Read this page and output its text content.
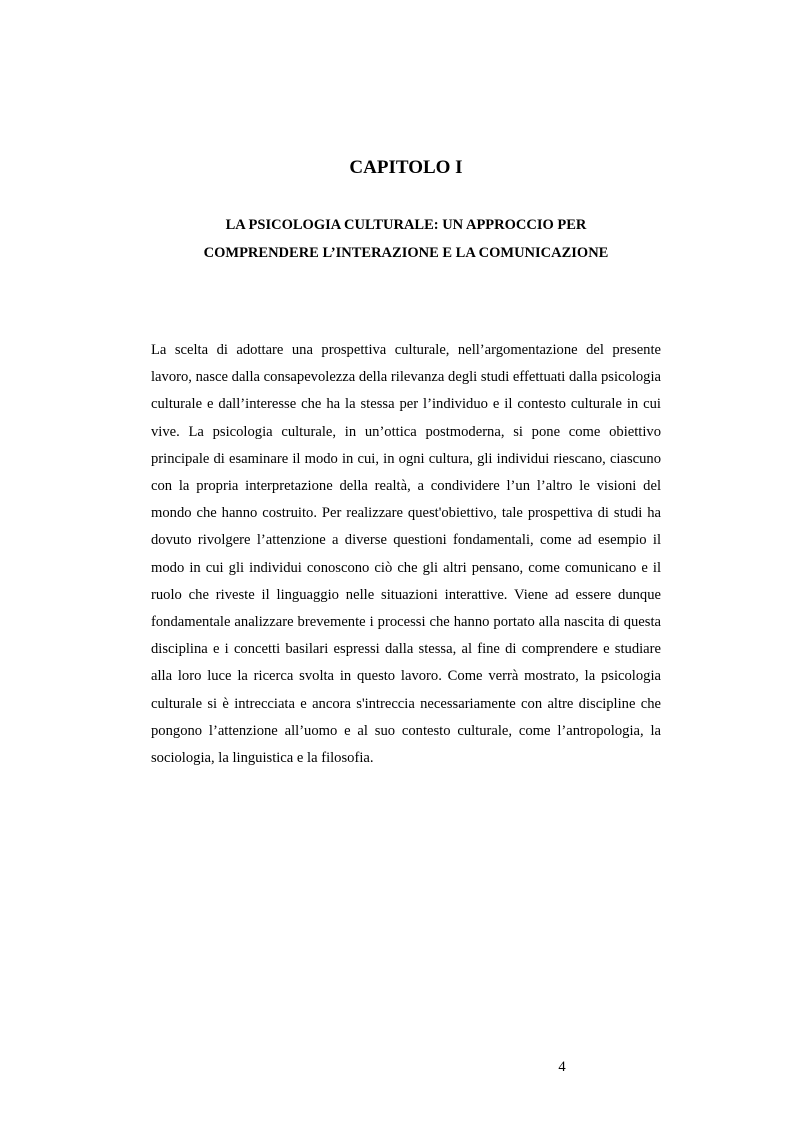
CAPITOLO I
LA PSICOLOGIA CULTURALE: UN APPROCCIO PER
COMPRENDERE L’INTERAZIONE E LA COMUNICAZIONE

La scelta di adottare una prospettiva culturale, nell’argomentazione del presente lavoro, nasce dalla consapevolezza della rilevanza degli studi effettuati dalla psicologia culturale e dall’interesse che ha la stessa per l’individuo e il contesto culturale in cui vive. La psicologia culturale, in un’ottica postmoderna, si pone come obiettivo principale di esaminare il modo in cui, in ogni cultura, gli individui riescano, ciascuno con la propria interpretazione della realtà, a condividere l’un l’altro le visioni del mondo che hanno costruito. Per realizzare quest'obiettivo, tale prospettiva di studi ha dovuto rivolgere l’attenzione a diverse questioni fondamentali, come ad esempio il modo in cui gli individui conoscono ciò che gli altri pensano, come comunicano e il ruolo che riveste il linguaggio nelle situazioni interattive. Viene ad essere dunque fondamentale analizzare brevemente i processi che hanno portato alla nascita di questa disciplina e i concetti basilari espressi dalla stessa, al fine di comprendere e studiare alla loro luce la ricerca svolta in questo lavoro. Come verrà mostrato, la psicologia culturale si è intrecciata e ancora s'intreccia necessariamente con altre discipline che pongono l’attenzione all’uomo e al suo contesto culturale, come l’antropologia, la sociologia, la linguistica e la filosofia.

4
